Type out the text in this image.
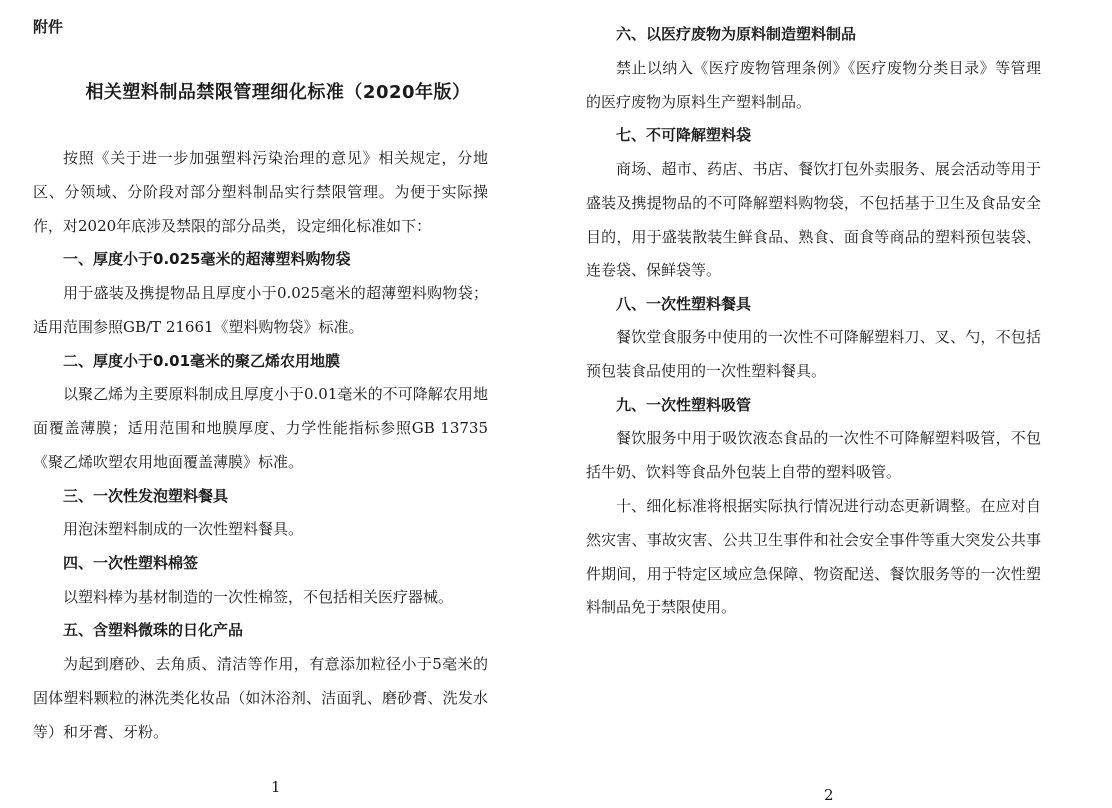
附件
相关塑料制品禁限管理细化标准（2020年版）

按照《关于进一步加强塑料污染治理的意见》相关规定，分地区、分领域、分阶段对部分塑料制品实行禁限管理。为便于实际操作，对2020年底涉及禁限的部分品类，设定细化标准如下：

一、厚度小于0.025毫米的超薄塑料购物袋

用于盛装及携提物品且厚度小于0.025毫米的超薄塑料购物袋；适用范围参照GB/T 21661《塑料购物袋》标准。

二、厚度小于0.01毫米的聚乙烯农用地膜

以聚乙烯为主要原料制成且厚度小于0.01毫米的不可降解农用地面覆盖薄膜；适用范围和地膜厚度、力学性能指标参照GB 13735《聚乙烯吹塑农用地面覆盖薄膜》标准。

三、一次性发泡塑料餐具

用泡沫塑料制成的一次性塑料餐具。

四、一次性塑料棉签

以塑料棒为基材制造的一次性棉签，不包括相关医疗器械。

五、含塑料微珠的日化产品

为起到磨砂、去角质、清洁等作用，有意添加粒径小于5毫米的固体塑料颗粒的淋洗类化妆品（如沐浴剂、洁面乳、磨砂膏、洗发水等）和牙膏、牙粉。

1

六、以医疗废物为原料制造塑料制品

禁止以纳入《医疗废物管理条例》《医疗废物分类目录》等管理的医疗废物为原料生产塑料制品。

七、不可降解塑料袋

商场、超市、药店、书店、餐饮打包外卖服务、展会活动等用于盛装及携提物品的不可降解塑料购物袋，不包括基于卫生及食品安全目的，用于盛装散装生鲜食品、熟食、面食等商品的塑料预包装袋、连卷袋、保鲜袋等。

八、一次性塑料餐具

餐饮堂食服务中使用的一次性不可降解塑料刀、叉、勺，不包括预包装食品使用的一次性塑料餐具。

九、一次性塑料吸管

餐饮服务中用于吸饮液态食品的一次性不可降解塑料吸管，不包括牛奶、饮料等食品外包装上自带的塑料吸管。

十、细化标准将根据实际执行情况进行动态更新调整。在应对自然灾害、事故灾害、公共卫生事件和社会安全事件等重大突发公共事件期间，用于特定区域应急保障、物资配送、餐饮服务等的一次性塑料制品免于禁限使用。

2
